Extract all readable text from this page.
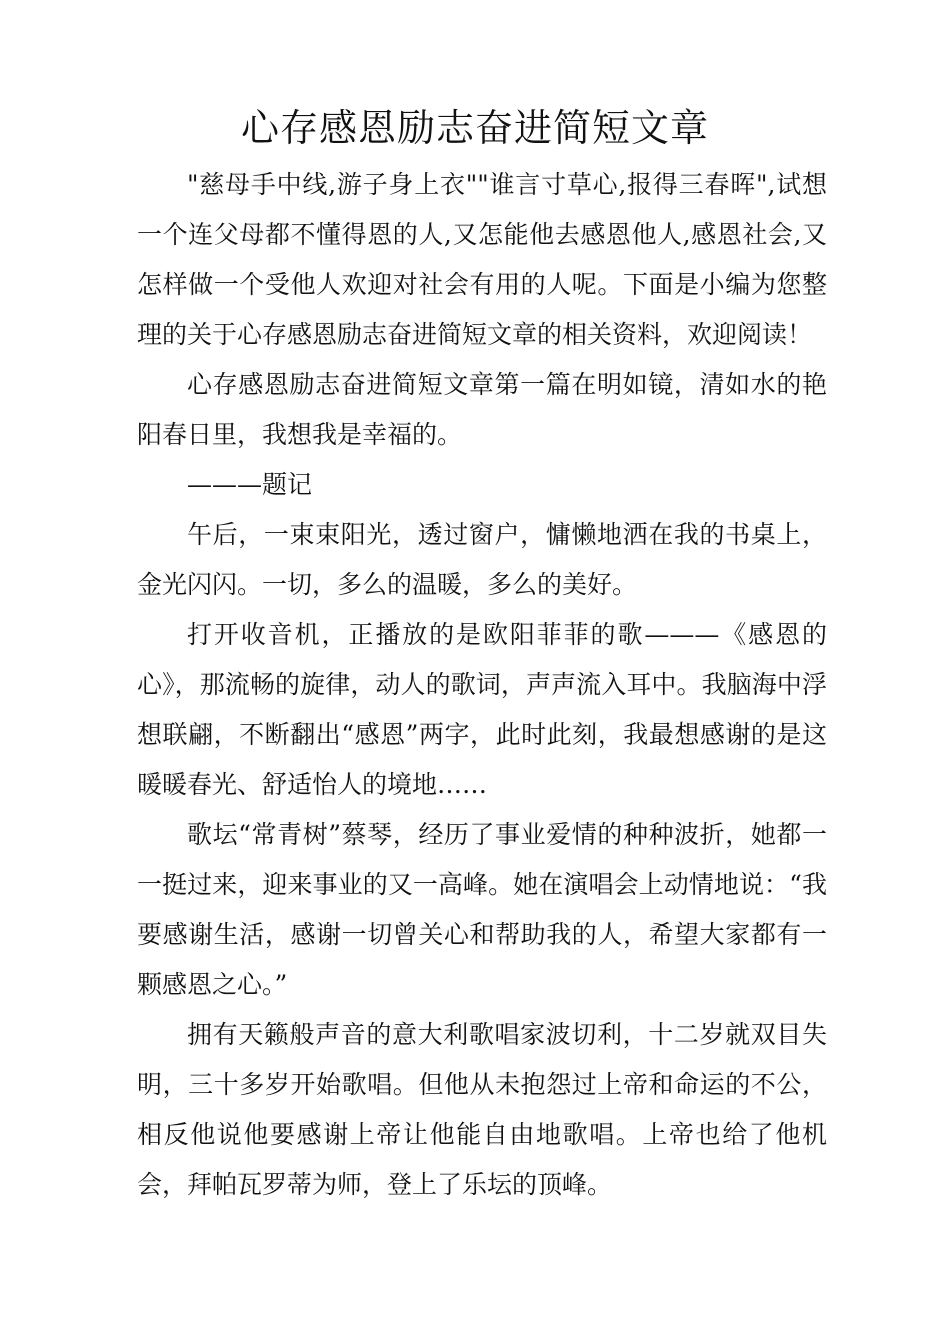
心存感恩励志奋进简短文章

"慈母手中线,游子身上衣""谁言寸草心,报得三春晖",试想一个连父母都不懂得恩的人,又怎能他去感恩他人,感恩社会,又怎样做一个受他人欢迎对社会有用的人呢。下面是小编为您整理的关于心存感恩励志奋进简短文章的相关资料，欢迎阅读！

心存感恩励志奋进简短文章第一篇在明如镜，清如水的艳阳春日里，我想我是幸福的。

———题记

午后，一束束阳光，透过窗户，慵懒地洒在我的书桌上，金光闪闪。一切，多么的温暖，多么的美好。

打开收音机，正播放的是欧阳菲菲的歌———《感恩的心》，那流畅的旋律，动人的歌词，声声流入耳中。我脑海中浮想联翩，不断翻出“感恩”两字，此时此刻，我最想感谢的是这暖暖春光、舒适怡人的境地……

歌坛“常青树”蔡琴，经历了事业爱情的种种波折，她都一一挺过来，迎来事业的又一高峰。她在演唱会上动情地说：“我要感谢生活，感谢一切曾关心和帮助我的人，希望大家都有一颗感恩之心。”

拥有天籁般声音的意大利歌唱家波切利，十二岁就双目失明，三十多岁开始歌唱。但他从未抱怨过上帝和命运的不公，相反他说他要感谢上帝让他能自由地歌唱。上帝也给了他机会，拜帕瓦罗蒂为师，登上了乐坛的顶峰。
